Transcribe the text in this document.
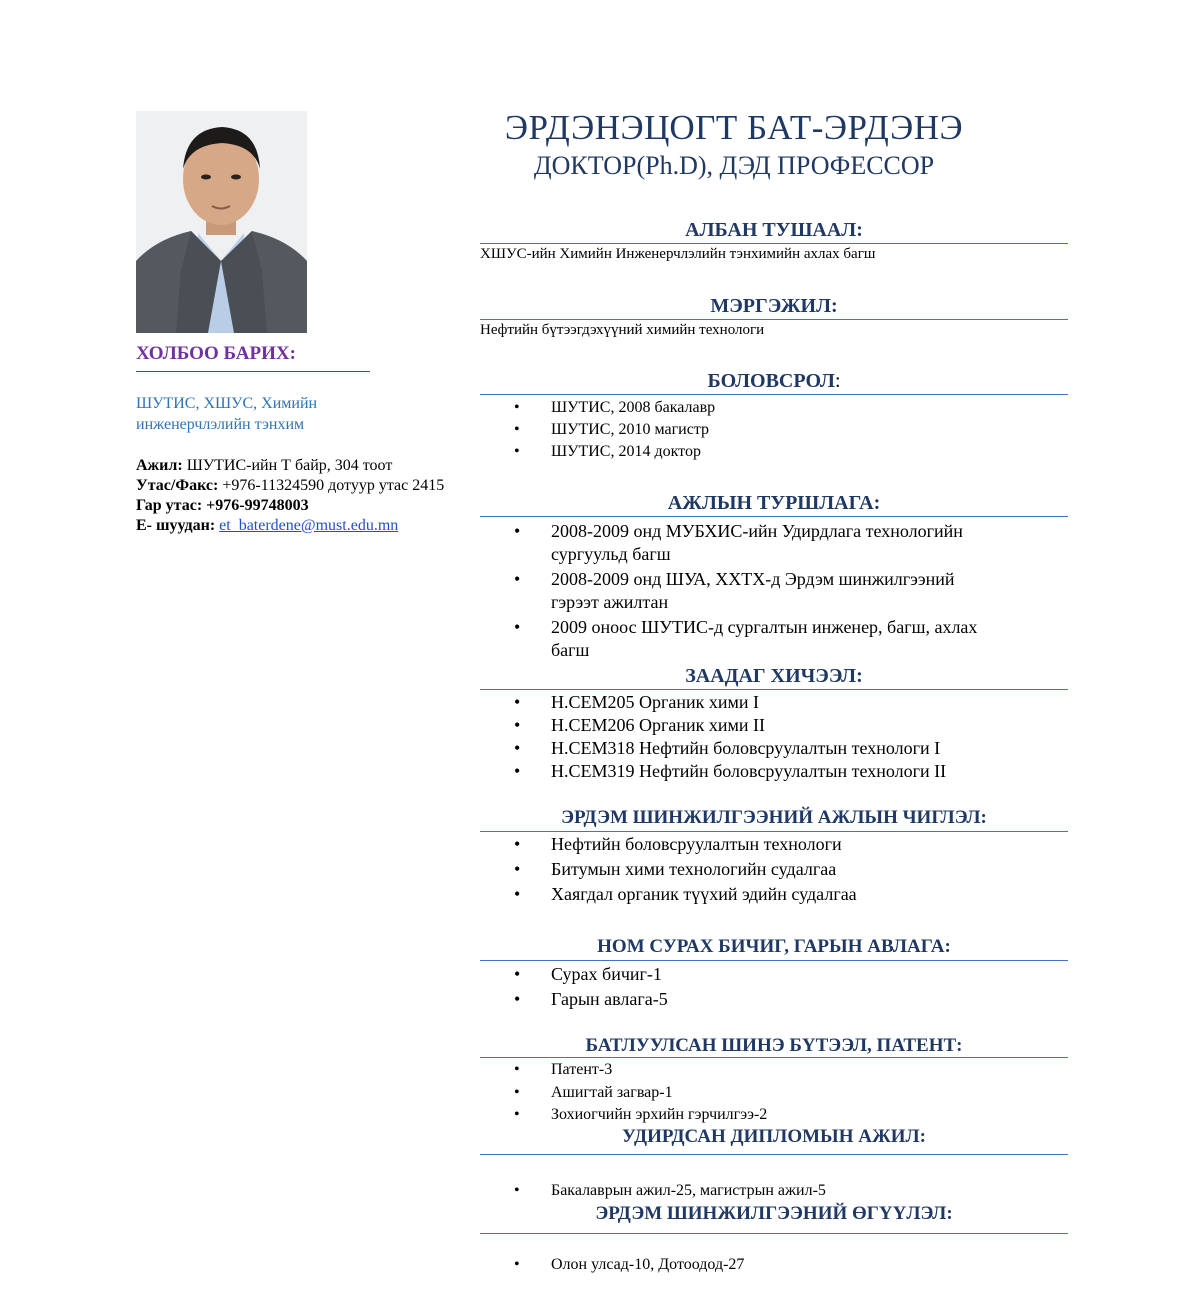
ХОЛБОО БАРИХ:
ШУТИС, ХШУС, Химийн инженерчлэлийн тэнхим
Ажил: ШУТИС-ийн Т байр, 304 тоот
Утас/Факс: +976-11324590 дотуур утас 2415
Гар утас: +976-99748003
Е- шуудан: et_baterdene@must.edu.mn
ЭРДЭНЭЦОГТ БАТ-ЭРДЭНЭ
ДОКТОР(Ph.D), ДЭД ПРОФЕССОР
АЛБАН ТУШААЛ:
ХШУС-ийн Химийн Инженерчлэлийн тэнхимийн ахлах багш
МЭРГЭЖИЛ:
Нефтийн бүтээгдэхүүний химийн технологи
БОЛОВСРОЛ:
• ШУТИС, 2008 бакалавр
• ШУТИС, 2010 магистр
• ШУТИС, 2014 доктор
АЖЛЫН ТУРШЛАГА:
• 2008-2009 онд МУБХИС-ийн Удирдлага технологийн сургуульд багш
• 2008-2009 онд ШУА, ХХТХ-д Эрдэм шинжилгээний гэрээт ажилтан
• 2009 оноос ШУТИС-д сургалтын инженер, багш, ахлах багш
ЗААДАГ ХИЧЭЭЛ:
• H.CEM205 Органик хими I
• H.CEM206 Органик хими II
• H.CEM318 Нефтийн боловсруулалтын технологи I
• H.CEM319 Нефтийн боловсруулалтын технологи II
ЭРДЭМ ШИНЖИЛГЭЭНИЙ АЖЛЫН ЧИГЛЭЛ:
• Нефтийн боловсруулалтын технологи
• Битумын хими технологийн судалгаа
• Хаягдал органик түүхий эдийн судалгаа
НОМ СУРАХ БИЧИГ, ГАРЫН АВЛАГА:
• Сурах бичиг-1
• Гарын авлага-5
БАТЛУУЛСАН ШИНЭ БҮТЭЭЛ, ПАТЕНТ:
• Патент-3
• Ашигтай загвар-1
• Зохиогчийн эрхийн гэрчилгээ-2
УДИРДСАН ДИПЛОМЫН АЖИЛ:
• Бакалаврын ажил-25, магистрын ажил-5
ЭРДЭМ ШИНЖИЛГЭЭНИЙ ӨГҮҮЛЭЛ:
• Олон улсад-10, Дотоодод-27
